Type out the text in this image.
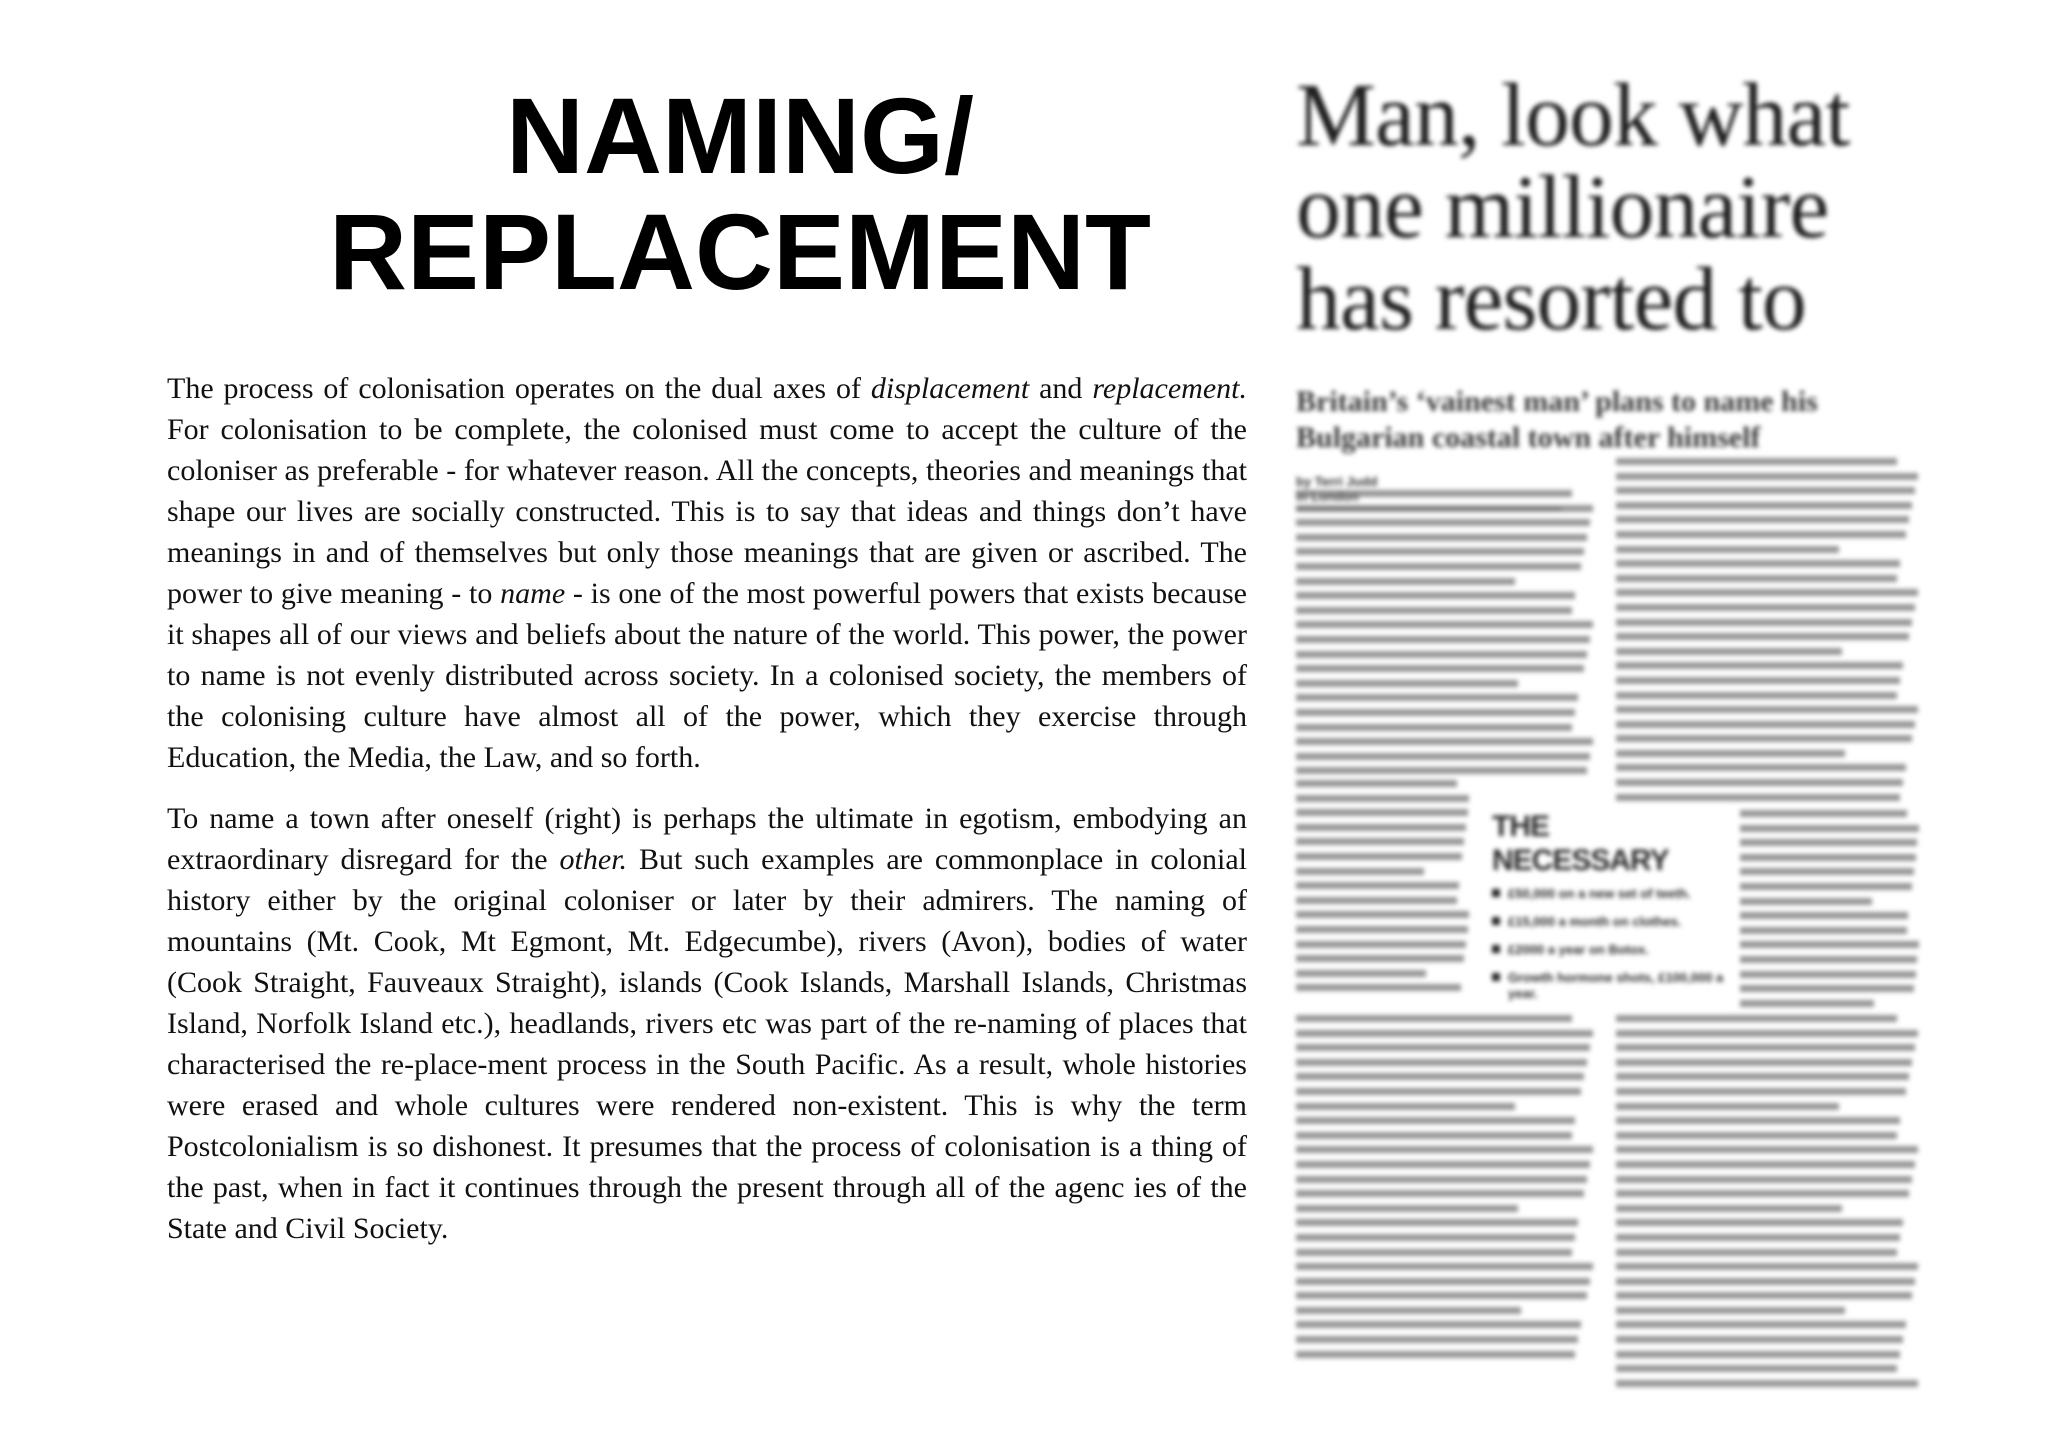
NAMING/
REPLACEMENT

The process of colonisation operates on the dual axes of displacement and replacement. For colonisation to be complete, the colonised must come to accept the culture of the coloniser as preferable - for whatever reason. All the concepts, theories and meanings that shape our lives are socially constructed. This is to say that ideas and things don’t have meanings in and of themselves but only those meanings that are given or ascribed. The power to give meaning - to name - is one of the most powerful powers that exists because it shapes all of our views and beliefs about the nature of the world. This power, the power to name is not evenly distributed across society. In a colonised society, the members of the colonising culture have almost all of the power, which they exercise through Education, the Media, the Law, and so forth.

To name a town after oneself (right) is perhaps the ultimate in egotism, embodying an extraordinary disregard for the other. But such examples are commonplace in colonial history either by the original coloniser or later by their admirers. The naming of mountains (Mt. Cook, Mt Egmont, Mt. Edgecumbe), rivers (Avon), bodies of water (Cook Straight, Fauveaux Straight), islands (Cook Islands, Marshall Islands, Christmas Island, Norfolk Island etc.), headlands, rivers etc was part of the re-naming of places that characterised the re-place-ment process in the South Pacific. As a result, whole histories were erased and whole cultures were rendered non-existent. This is why the term Postcolonialism is so dishonest. It presumes that the process of colonisation is a thing of the past, when in fact it continues through the present through all of the agenc ies of the State and Civil Society.

Man, look what
one millionaire
has resorted to
Britain’s ‘vainest man’ plans to name his
Bulgarian coastal town after himself
by Terri Judd
THE NECESSARY
£50,000 on a new set of teeth.
£15,000 a month on clothes.
£2000 a year on Botox.
Growth hormone shots, £100,000 a year.
